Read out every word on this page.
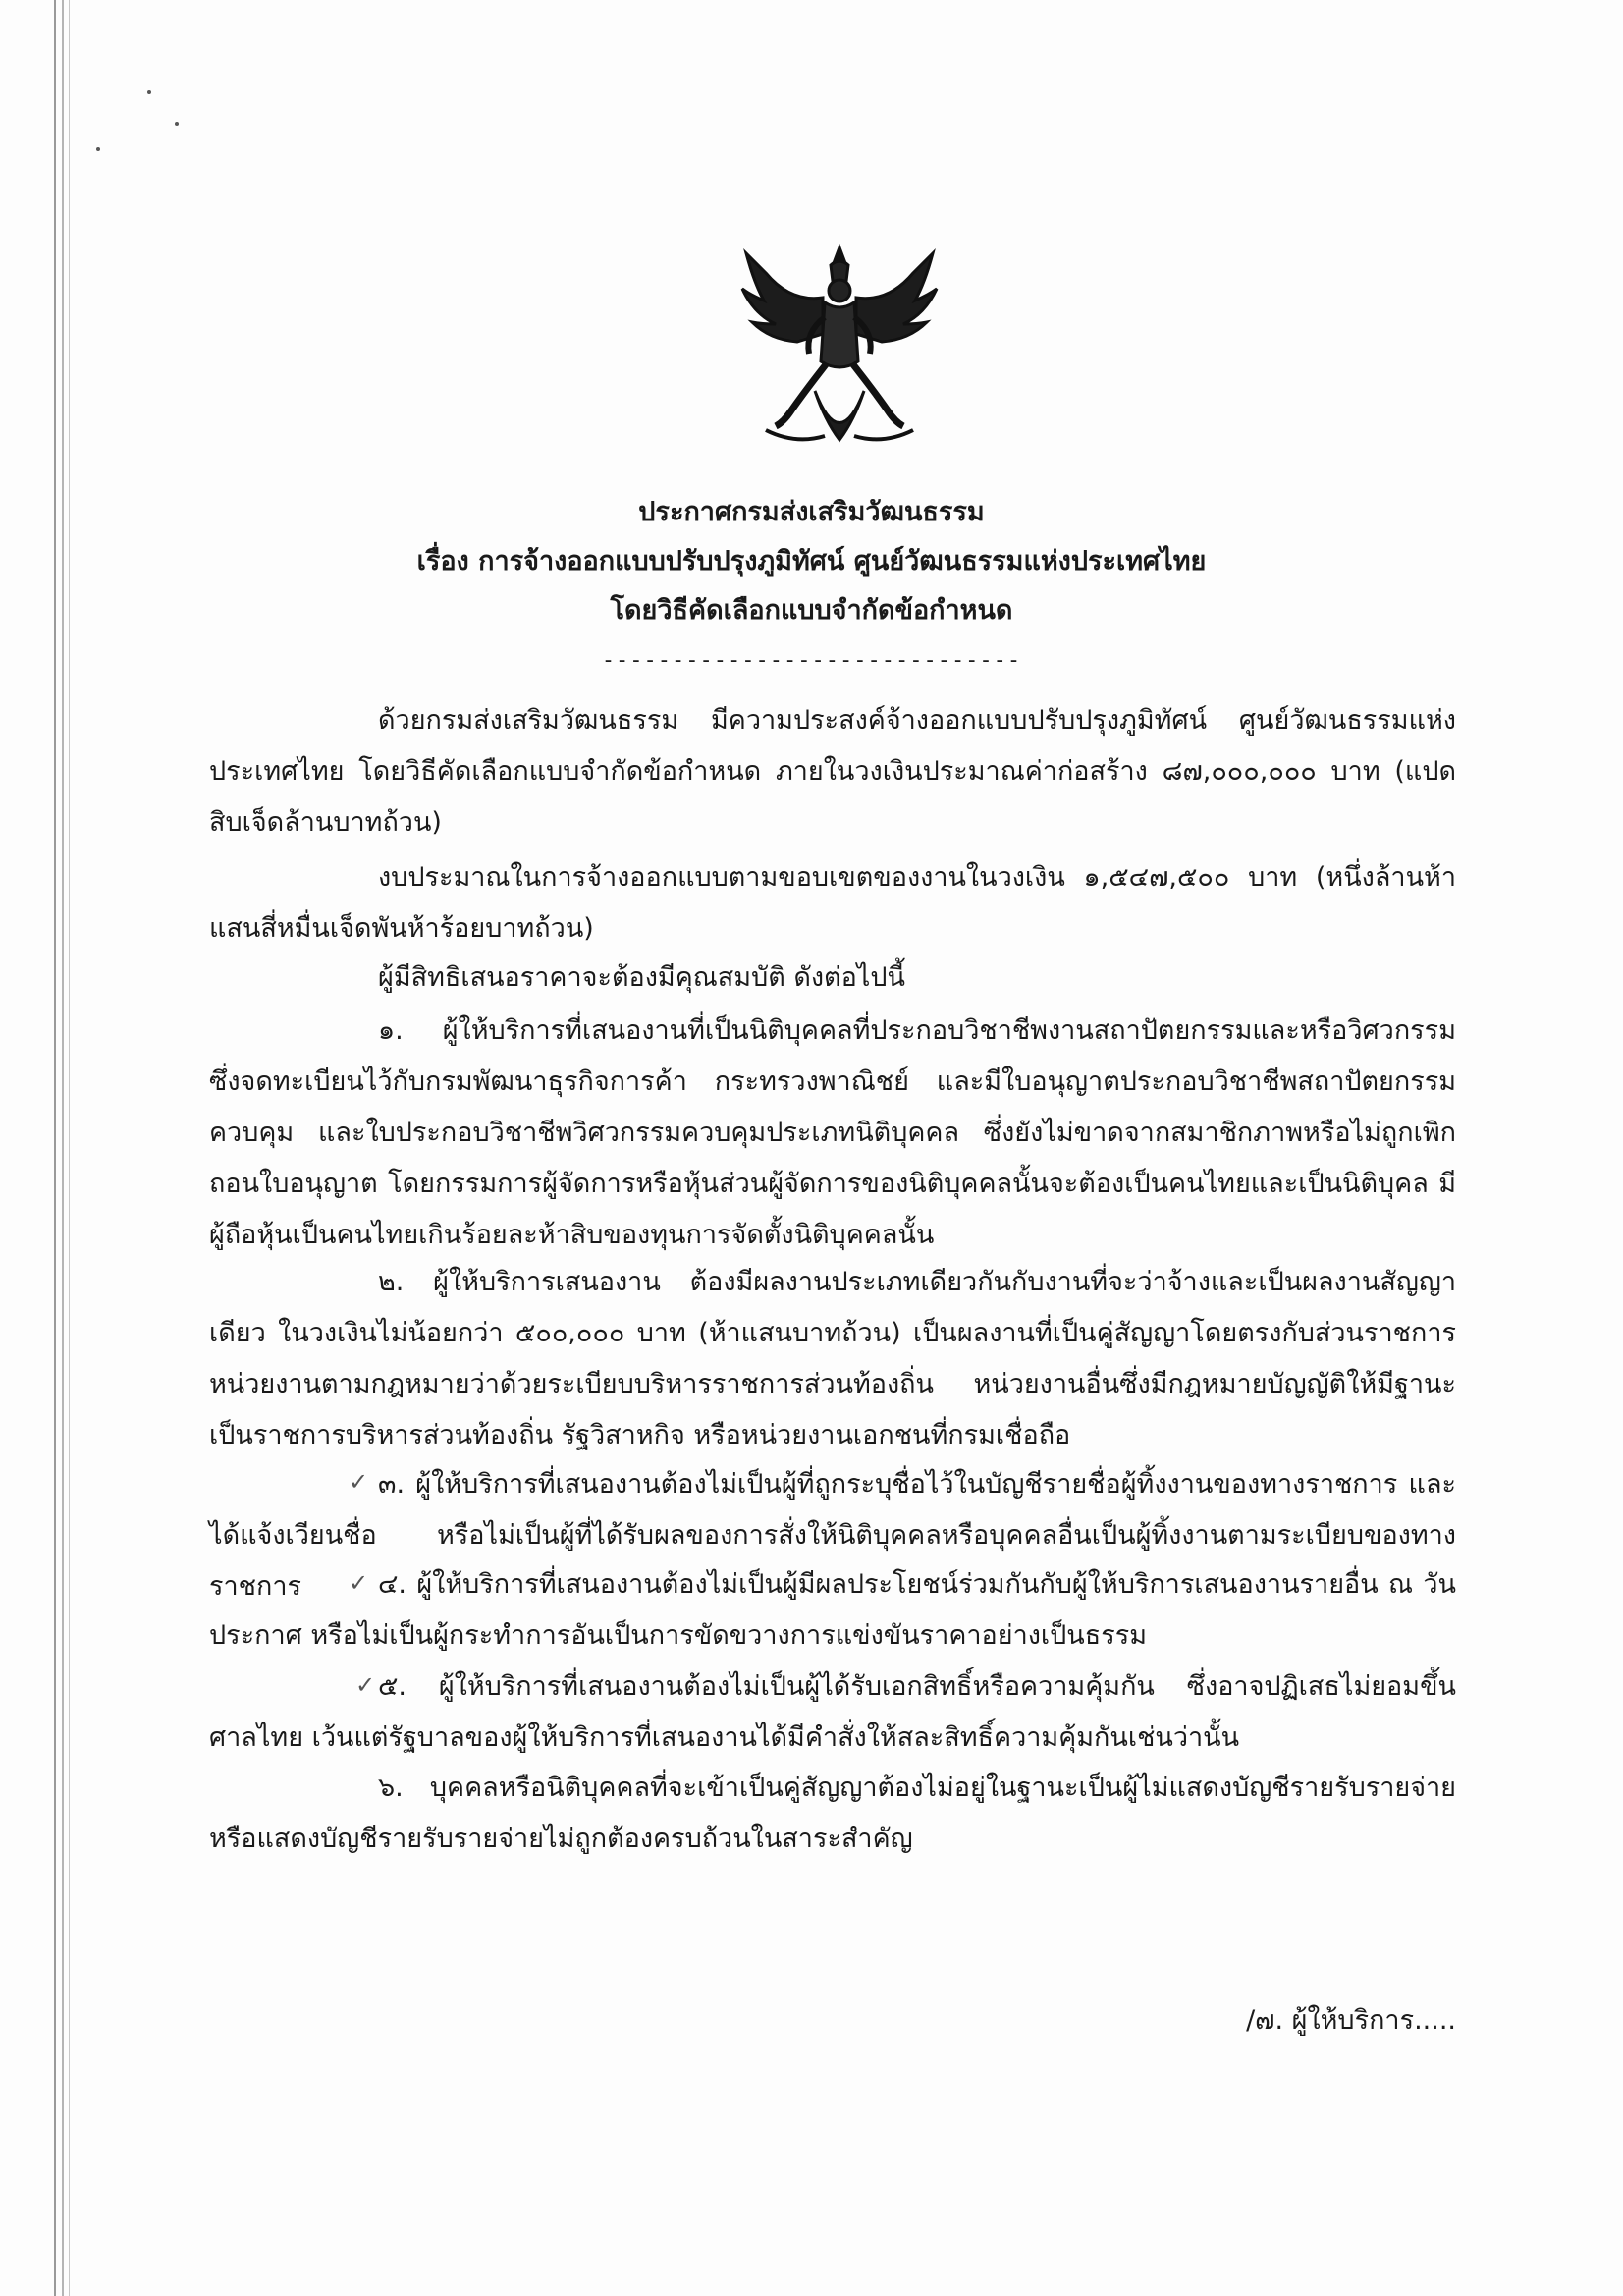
ประกาศกรมส่งเสริมวัฒนธรรม
เรื่อง การจ้างออกแบบปรับปรุงภูมิทัศน์ ศูนย์วัฒนธรรมแห่งประเทศไทย
โดยวิธีคัดเลือกแบบจำกัดข้อกำหนด
------------------------------

ด้วยกรมส่งเสริมวัฒนธรรม มีความประสงค์จ้างออกแบบปรับปรุงภูมิทัศน์ ศูนย์วัฒนธรรมแห่งประเทศไทย โดยวิธีคัดเลือกแบบจำกัดข้อกำหนด ภายในวงเงินประมาณค่าก่อสร้าง ๘๗,๐๐๐,๐๐๐ บาท (แปดสิบเจ็ดล้านบาทถ้วน)

งบประมาณในการจ้างออกแบบตามขอบเขตของงานในวงเงิน ๑,๕๔๗,๕๐๐ บาท (หนึ่งล้านห้าแสนสี่หมื่นเจ็ดพันห้าร้อยบาทถ้วน)

ผู้มีสิทธิเสนอราคาจะต้องมีคุณสมบัติ ดังต่อไปนี้

๑. ผู้ให้บริการที่เสนองานที่เป็นนิติบุคคลที่ประกอบวิชาชีพงานสถาปัตยกรรมและหรือวิศวกรรม ซึ่งจดทะเบียนไว้กับกรมพัฒนาธุรกิจการค้า กระทรวงพาณิชย์ และมีใบอนุญาตประกอบวิชาชีพสถาปัตยกรรมควบคุม และใบประกอบวิชาชีพวิศวกรรมควบคุมประเภทนิติบุคคล ซึ่งยังไม่ขาดจากสมาชิกภาพหรือไม่ถูกเพิกถอนใบอนุญาต โดยกรรมการผู้จัดการหรือหุ้นส่วนผู้จัดการของนิติบุคคลนั้นจะต้องเป็นคนไทยและเป็นนิติบุคล มีผู้ถือหุ้นเป็นคนไทยเกินร้อยละห้าสิบของทุนการจัดตั้งนิติบุคคลนั้น

๒. ผู้ให้บริการเสนองาน ต้องมีผลงานประเภทเดียวกันกับงานที่จะว่าจ้างและเป็นผลงานสัญญาเดียว ในวงเงินไม่น้อยกว่า ๕๐๐,๐๐๐ บาท (ห้าแสนบาทถ้วน) เป็นผลงานที่เป็นคู่สัญญาโดยตรงกับส่วนราชการ หน่วยงานตามกฎหมายว่าด้วยระเบียบบริหารราชการส่วนท้องถิ่น หน่วยงานอื่นซึ่งมีกฎหมายบัญญัติให้มีฐานะเป็นราชการบริหารส่วนท้องถิ่น รัฐวิสาหกิจ หรือหน่วยงานเอกชนที่กรมเชื่อถือ

✓ ๓. ผู้ให้บริการที่เสนองานต้องไม่เป็นผู้ที่ถูกระบุชื่อไว้ในบัญชีรายชื่อผู้ทิ้งงานของทางราชการ และได้แจ้งเวียนชื่อ หรือไม่เป็นผู้ที่ได้รับผลของการสั่งให้นิติบุคคลหรือบุคคลอื่นเป็นผู้ทิ้งงานตามระเบียบของทางราชการ	✓ ๔. ผู้ให้บริการที่เสนองานต้องไม่เป็นผู้มีผลประโยชน์ร่วมกันกับผู้ให้บริการเสนองานรายอื่น ณ วันประกาศ หรือไม่เป็นผู้กระทำการอันเป็นการขัดขวางการแข่งขันราคาอย่างเป็นธรรม

✓ ๕. ผู้ให้บริการที่เสนองานต้องไม่เป็นผู้ได้รับเอกสิทธิ์หรือความคุ้มกัน ซึ่งอาจปฏิเสธไม่ยอมขึ้นศาลไทย เว้นแต่รัฐบาลของผู้ให้บริการที่เสนองานได้มีคำสั่งให้สละสิทธิ์ความคุ้มกันเช่นว่านั้น

๖. บุคคลหรือนิติบุคคลที่จะเข้าเป็นคู่สัญญาต้องไม่อยู่ในฐานะเป็นผู้ไม่แสดงบัญชีรายรับรายจ่ายหรือแสดงบัญชีรายรับรายจ่ายไม่ถูกต้องครบถ้วนในสาระสำคัญ

/๗. ผู้ให้บริการ.....
